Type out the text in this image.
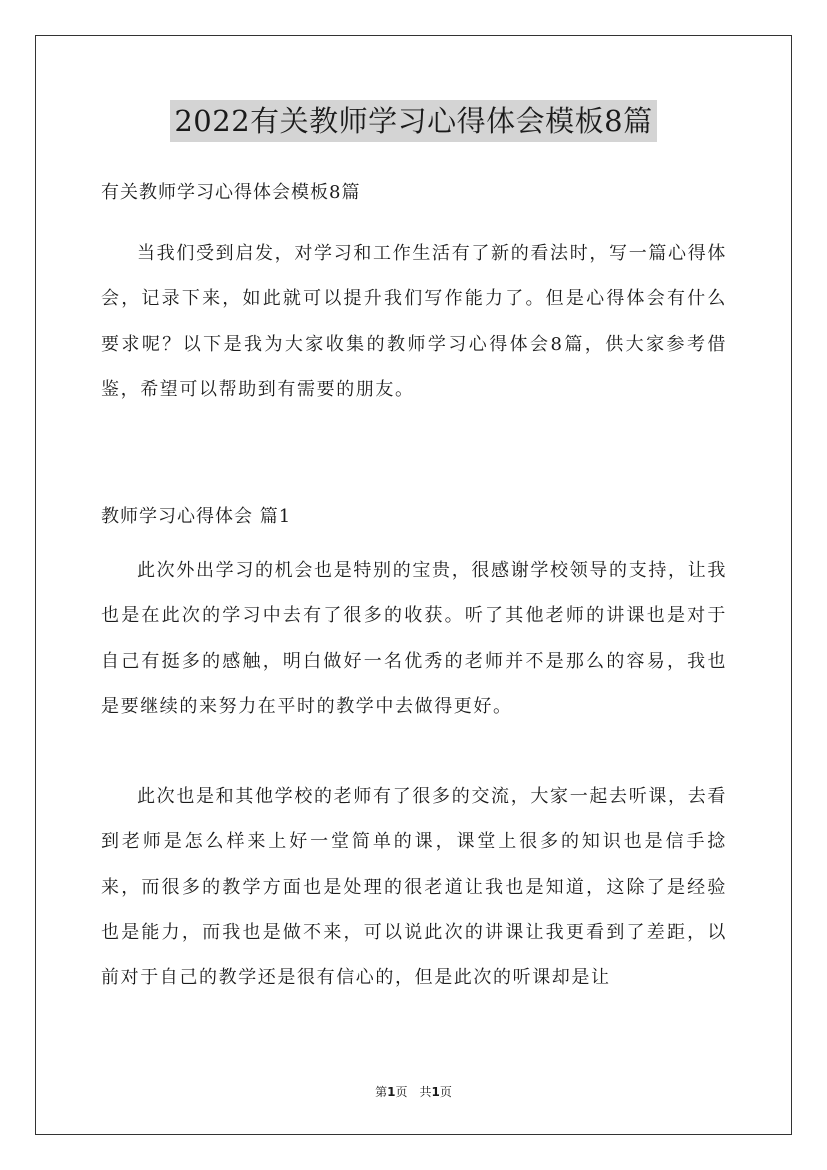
2022有关教师学习心得体会模板8篇
有关教师学习心得体会模板8篇

当我们受到启发，对学习和工作生活有了新的看法时，写一篇心得体会，记录下来，如此就可以提升我们写作能力了。但是心得体会有什么要求呢？以下是我为大家收集的教师学习心得体会8篇，供大家参考借鉴，希望可以帮助到有需要的朋友。

教师学习心得体会 篇1

此次外出学习的机会也是特别的宝贵，很感谢学校领导的支持，让我也是在此次的学习中去有了很多的收获。听了其他老师的讲课也是对于自己有挺多的感触，明白做好一名优秀的老师并不是那么的容易，我也是要继续的来努力在平时的教学中去做得更好。

此次也是和其他学校的老师有了很多的交流，大家一起去听课，去看到老师是怎么样来上好一堂简单的课，课堂上很多的知识也是信手捻来，而很多的教学方面也是处理的很老道让我也是知道，这除了是经验也是能力，而我也是做不来，可以说此次的讲课让我更看到了差距，以前对于自己的教学还是很有信心的，但是此次的听课却是让

第1页　共1页
